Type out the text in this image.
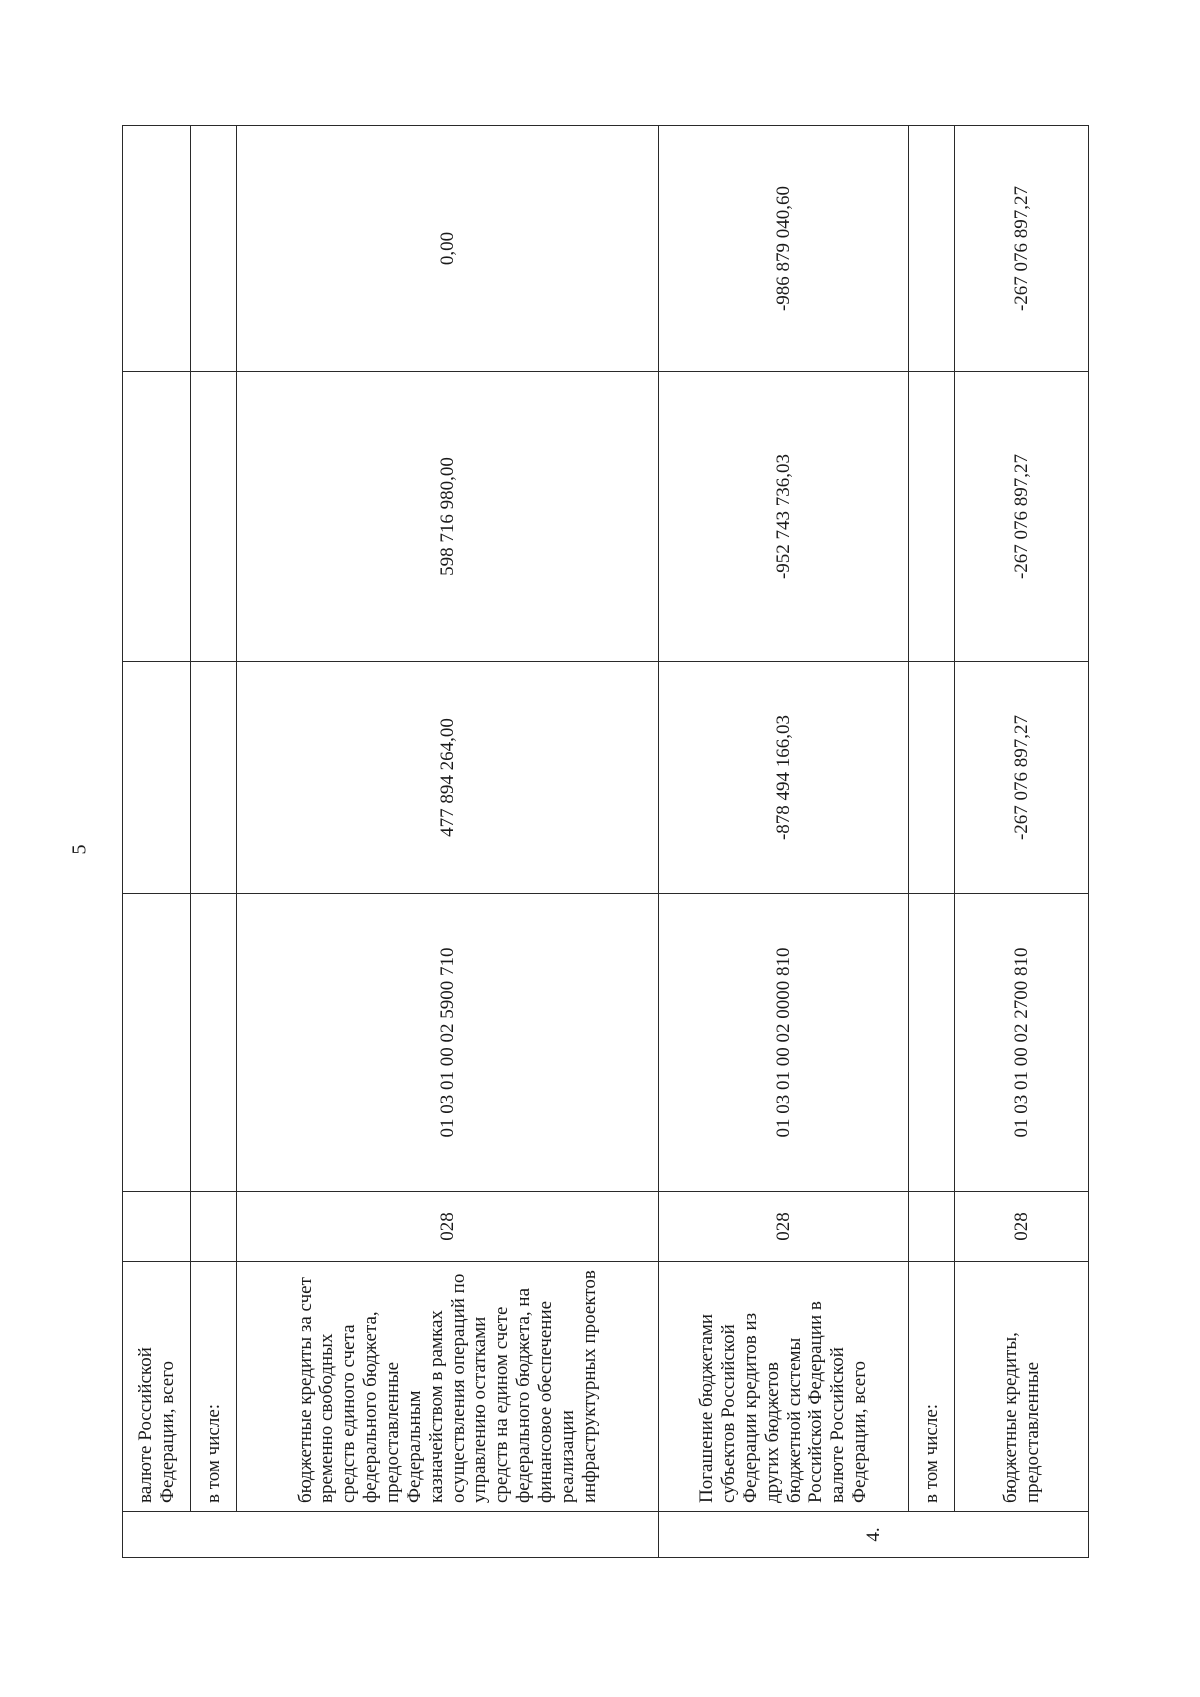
5

	валюте Российской Федерации, всего					

	в том числе:					

	бюджетные кредиты за счет временно свободных средств единого счета федерального бюджета, предоставленные Федеральным казначейством в рамках осуществления операций по управлению остатками средств на едином счете федерального бюджета, на финансовое обеспечение реализации инфраструктурных проектов	028	01 03 01 00 02 5900 710	477 894 264,00	598 716 980,00	0,00
4.	Погашение бюджетами субъектов Российской Федерации кредитов из других бюджетов бюджетной системы Российской Федерации в валюте Российской Федерации, всего	028	01 03 01 00 02 0000 810	-878 494 166,03	-952 743 736,03	-986 879 040,60

	в том числе:					

	бюджетные кредиты, предоставленные	028	01 03 01 00 02 2700 810	-267 076 897,27	-267 076 897,27	-267 076 897,27
